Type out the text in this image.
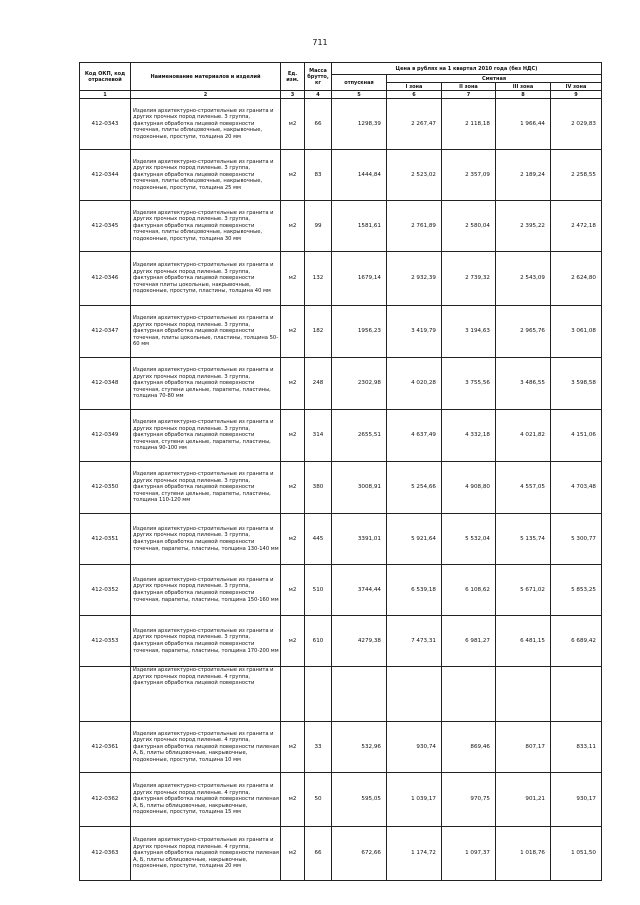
711
Код ОКП, код отраслевой	Наименование материалов и изделий	Ед. изм.	Масса брутто, кг	Цена в рублях на 1 квартал 2010 года (без НДС)				
				отпускная	Сметная			
					I зона	II зона	III зона	IV зона
1	2	3	4	5	6	7	8	9
412-0343	Изделия архитектурно-строительные из гранита и других прочных пород пиленые. 3 группа, фактурная обработка лицевой поверхности точечная, плиты облицовочные, накрывочные, подоконные, проступи, толщина 20 мм	м2	66	1298,39	2 267,47	2 118,18	1 966,44	2 029,83
412-0344	Изделия архитектурно-строительные из гранита и других прочных пород пиленые. 3 группа, фактурная обработка лицевой поверхности точечная, плиты облицовочные, накрывочные, подоконные, проступи, толщина 25 мм	м2	83	1444,84	2 523,02	2 357,09	2 189,24	2 258,55
412-0345	Изделия архитектурно-строительные из гранита и других прочных пород пиленые. 3 группа, фактурная обработка лицевой поверхности точечная, плиты облицовочные, накрывочные, подоконные, проступи, толщина 30 мм	м2	99	1581,61	2 761,89	2 580,04	2 395,22	2 472,18
412-0346	Изделия архитектурно-строительные из гранита и других прочных пород пиленые. 3 группа, фактурная обработка лицевой поверхности точечная плиты цокольные, накрывочные, подоконные, проступи, пластины, толщина 40 мм	м2	132	1679,14	2 932,39	2 739,32	2 543,09	2 624,80
412-0347	Изделия архитектурно-строительные из гранита и других прочных пород пиленые. 3 группа, фактурная обработка лицевой поверхности точечная, плиты цокольные, пластины, толщина 50-60 мм	м2	182	1956,23	3 419,79	3 194,63	2 965,76	3 061,08
412-0348	Изделия архитектурно-строительные из гранита и других прочных пород пиленые. 3 группа, фактурная обработка лицевой поверхности точечная, ступени цельные, парапеты, пластины, толщина 70-80 мм	м2	248	2302,98	4 020,28	3 755,56	3 486,55	3 598,58
412-0349	Изделия архитектурно-строительные из гранита и других прочных пород пиленые. 3 группа, фактурная обработка лицевой поверхности точечная, ступени цельные, парапеты, пластины, толщина 90-100 мм	м2	314	2655,51	4 637,49	4 332,18	4 021,82	4 151,06
412-0350	Изделия архитектурно-строительные из гранита и других прочных пород пиленые. 3 группа, фактурная обработка лицевой поверхности точечная, ступени цельные, парапеты, пластины, толщина 110-120 мм	м2	380	3008,91	5 254,66	4 908,80	4 557,05	4 703,48
412-0351	Изделия архитектурно-строительные из гранита и других прочных пород пиленые. 3 группа, фактурная обработка лицевой поверхности точечная, парапеты, пластины, толщина 130-140 мм	м2	445	3391,01	5 921,64	5 532,04	5 135,74	5 300,77
412-0352	Изделия архитектурно-строительные из гранита и других прочных пород пиленые. 3 группа, фактурная обработка лицевой поверхности точечная, парапеты, пластины, толщина 150-160 мм	м2	510	3744,44	6 539,18	6 108,62	5 671,02	5 853,25
412-0353	Изделия архитектурно-строительные из гранита и других прочных пород пиленые. 3 группа, фактурная обработка лицевой поверхности точечная, парапеты, пластины, толщина 170-200 мм	м2	610	4279,38	7 473,31	6 981,27	6 481,15	6 689,42
	Изделия архитектурно-строительные из гранита и других прочных пород пиленые. 4 группа, фактурная обработка лицевой поверхности							
412-0361	Изделия архитектурно-строительные из гранита и других прочных пород пиленые. 4 группа, фактурная обработка лицевой поверхности пиленая А, Б, плиты облицовочные, накрывочные, подоконные, проступи, толщина 10 мм	м2	33	532,96	930,74	869,46	807,17	833,11
412-0362	Изделия архитектурно-строительные из гранита и других прочных пород пиленые. 4 группа, фактурная обработка лицевой поверхности пиленая А, Б, плиты облицовочные, накрывочные, подоконные, проступи, толщина 15 мм	м2	50	595,05	1 039,17	970,75	901,21	930,17
412-0363	Изделия архитектурно-строительные из гранита и других прочных пород пиленые. 4 группа, фактурная обработка лицевой поверхности пиленая А, Б, плиты облицовочные, накрывочные, подоконные, проступи, толщина 20 мм	м2	66	672,66	1 174,72	1 097,37	1 018,76	1 051,50
